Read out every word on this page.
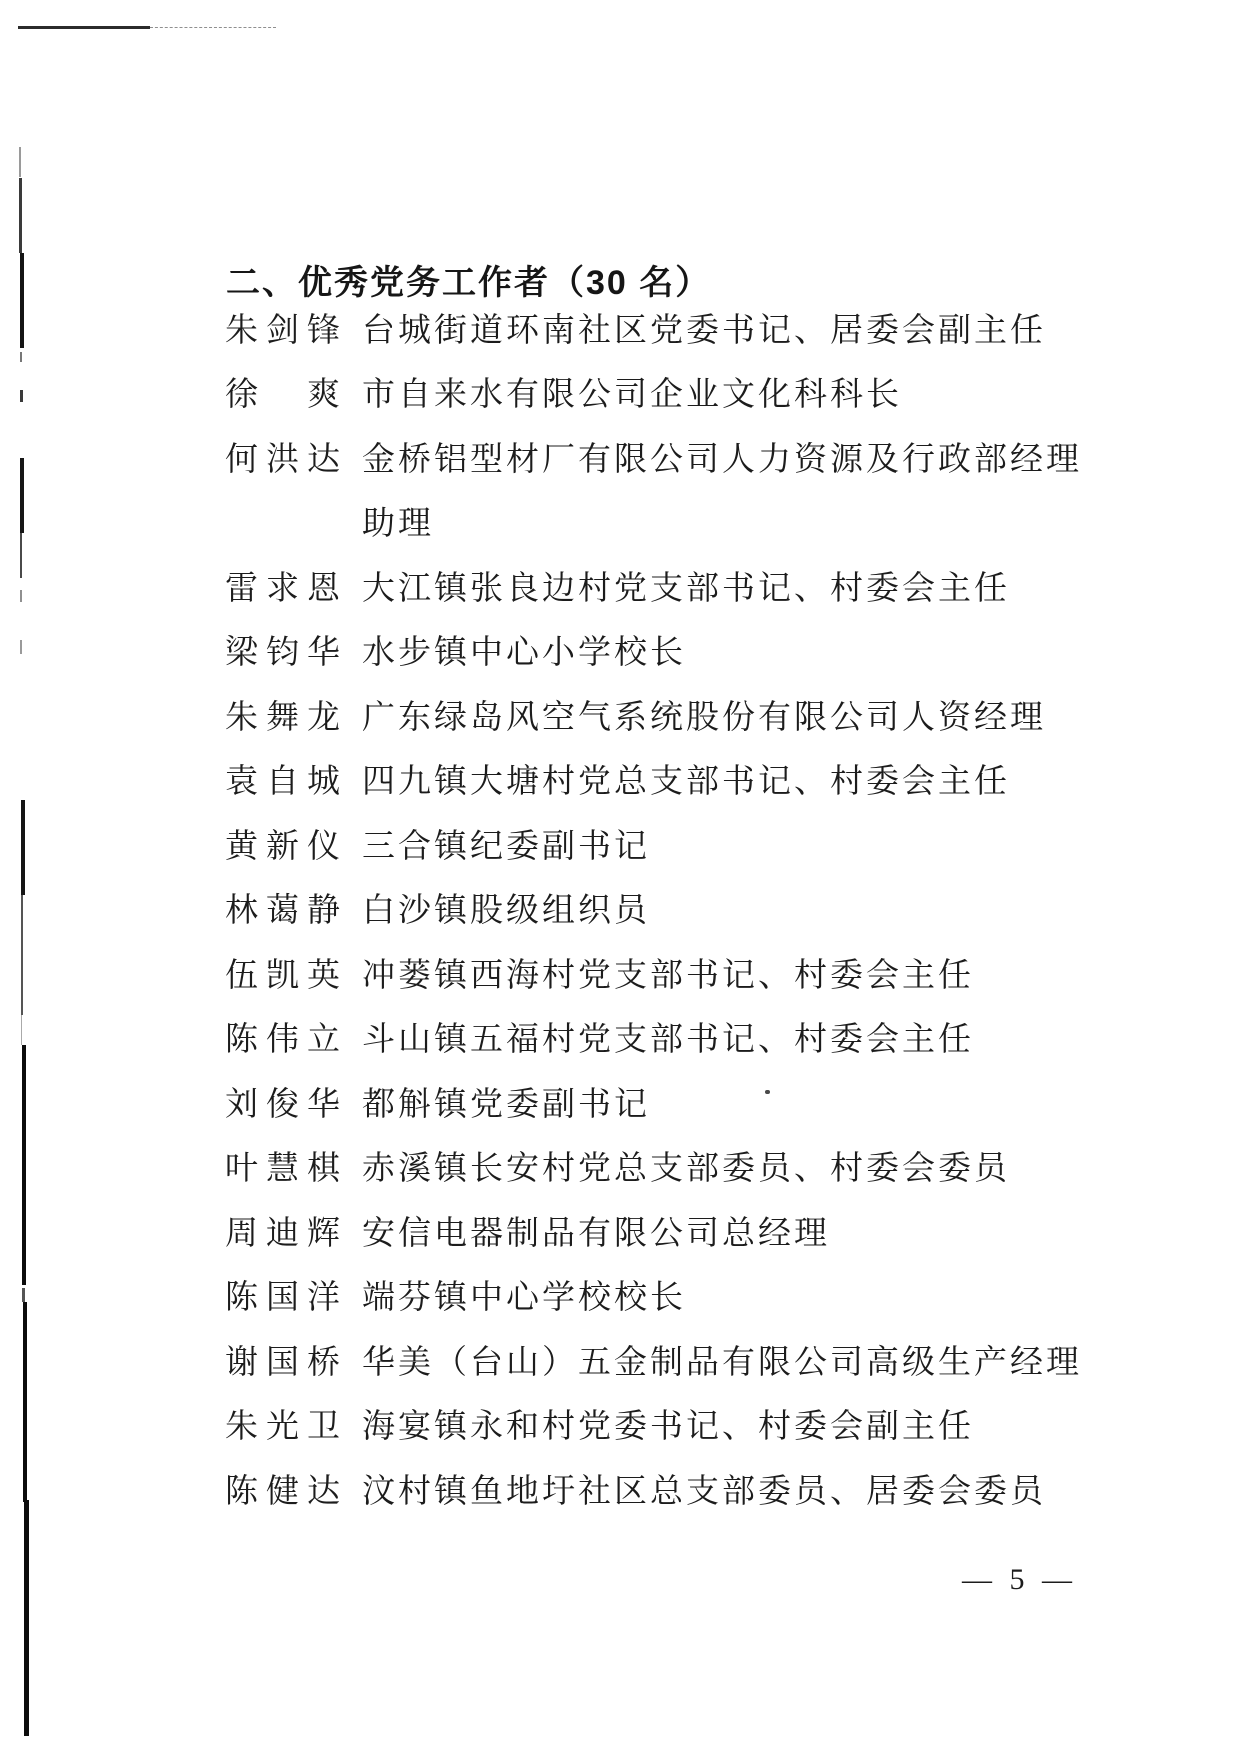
二、优秀党务工作者（30 名）
朱剑锋 台城街道环南社区党委书记、居委会副主任
徐　爽 市自来水有限公司企业文化科科长
何洪达 金桥铝型材厂有限公司人力资源及行政部经理
助理
雷求恩 大江镇张良边村党支部书记、村委会主任
梁钧华 水步镇中心小学校长
朱舞龙 广东绿岛风空气系统股份有限公司人资经理
袁自城 四九镇大塘村党总支部书记、村委会主任
黄新仪 三合镇纪委副书记
林蔼静 白沙镇股级组织员
伍凯英 冲蒌镇西海村党支部书记、村委会主任
陈伟立 斗山镇五福村党支部书记、村委会主任
刘俊华 都斛镇党委副书记
叶慧棋 赤溪镇长安村党总支部委员、村委会委员
周迪辉 安信电器制品有限公司总经理
陈国洋 端芬镇中心学校校长
谢国桥 华美（台山）五金制品有限公司高级生产经理
朱光卫 海宴镇永和村党委书记、村委会副主任
陈健达 汶村镇鱼地圩社区总支部委员、居委会委员
— 5 —
